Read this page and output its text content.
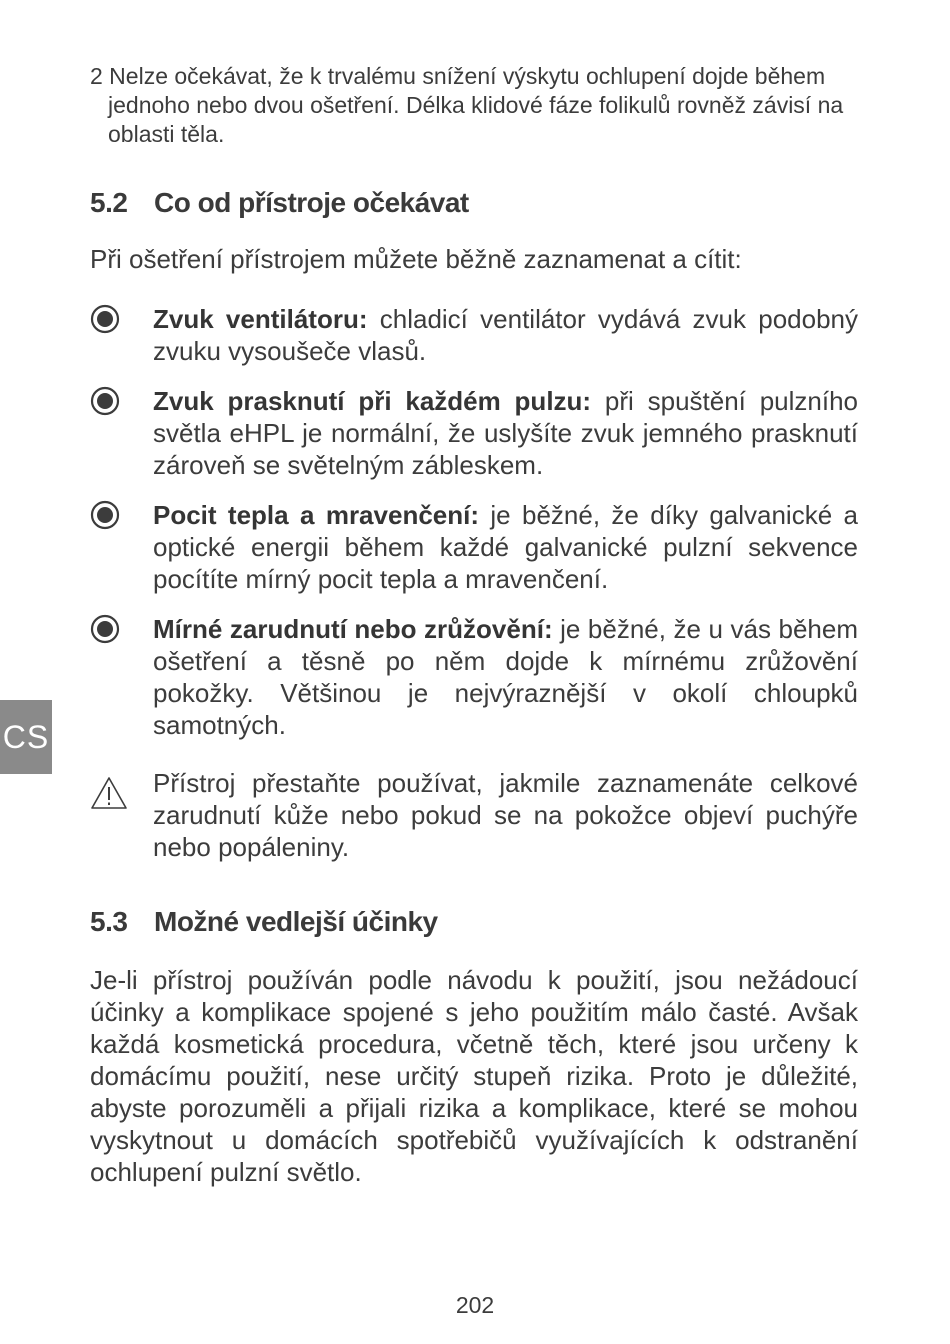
2 Nelze očekávat, že k trvalému snížení výskytu ochlupení dojde během jednoho nebo dvou ošetření. Délka klidové fáze folikulů rovněž závisí na oblasti těla.
5.2 Co od přístroje očekávat
Při ošetření přístrojem můžete běžně zaznamenat a cítit:
Zvuk ventilátoru: chladicí ventilátor vydává zvuk podobný zvuku vysoušeče vlasů.
Zvuk prasknutí při každém pulzu: při spuštění pulzního světla eHPL je normální, že uslyšíte zvuk jemného prasknutí zároveň se světelným zábleskem.
Pocit tepla a mravenčení: je běžné, že díky galvanické a optické energii během každé galvanické pulzní sekvence pocítíte mírný pocit tepla a mravenčení.
Mírné zarudnutí nebo zrůžovění: je běžné, že u vás během ošetření a těsně po něm dojde k mírnému zrůžovění pokožky. Většinou je nejvýraznější v okolí chloupků samotných.
Přístroj přestaňte používat, jakmile zaznamenáte celkové zarudnutí kůže nebo pokud se na pokožce objeví puchýře nebo popáleniny.
5.3 Možné vedlejší účinky
Je-li přístroj používán podle návodu k použití, jsou nežádoucí účinky a komplikace spojené s jeho použitím málo časté. Avšak každá kosmetická procedura, včetně těch, které jsou určeny k domácímu použití, nese určitý stupeň rizika. Proto je důležité, abyste porozuměli a přijali rizika a komplikace, které se mohou vyskytnout u domácích spotřebičů využívajících k odstranění ochlupení pulzní světlo.
CS
202
